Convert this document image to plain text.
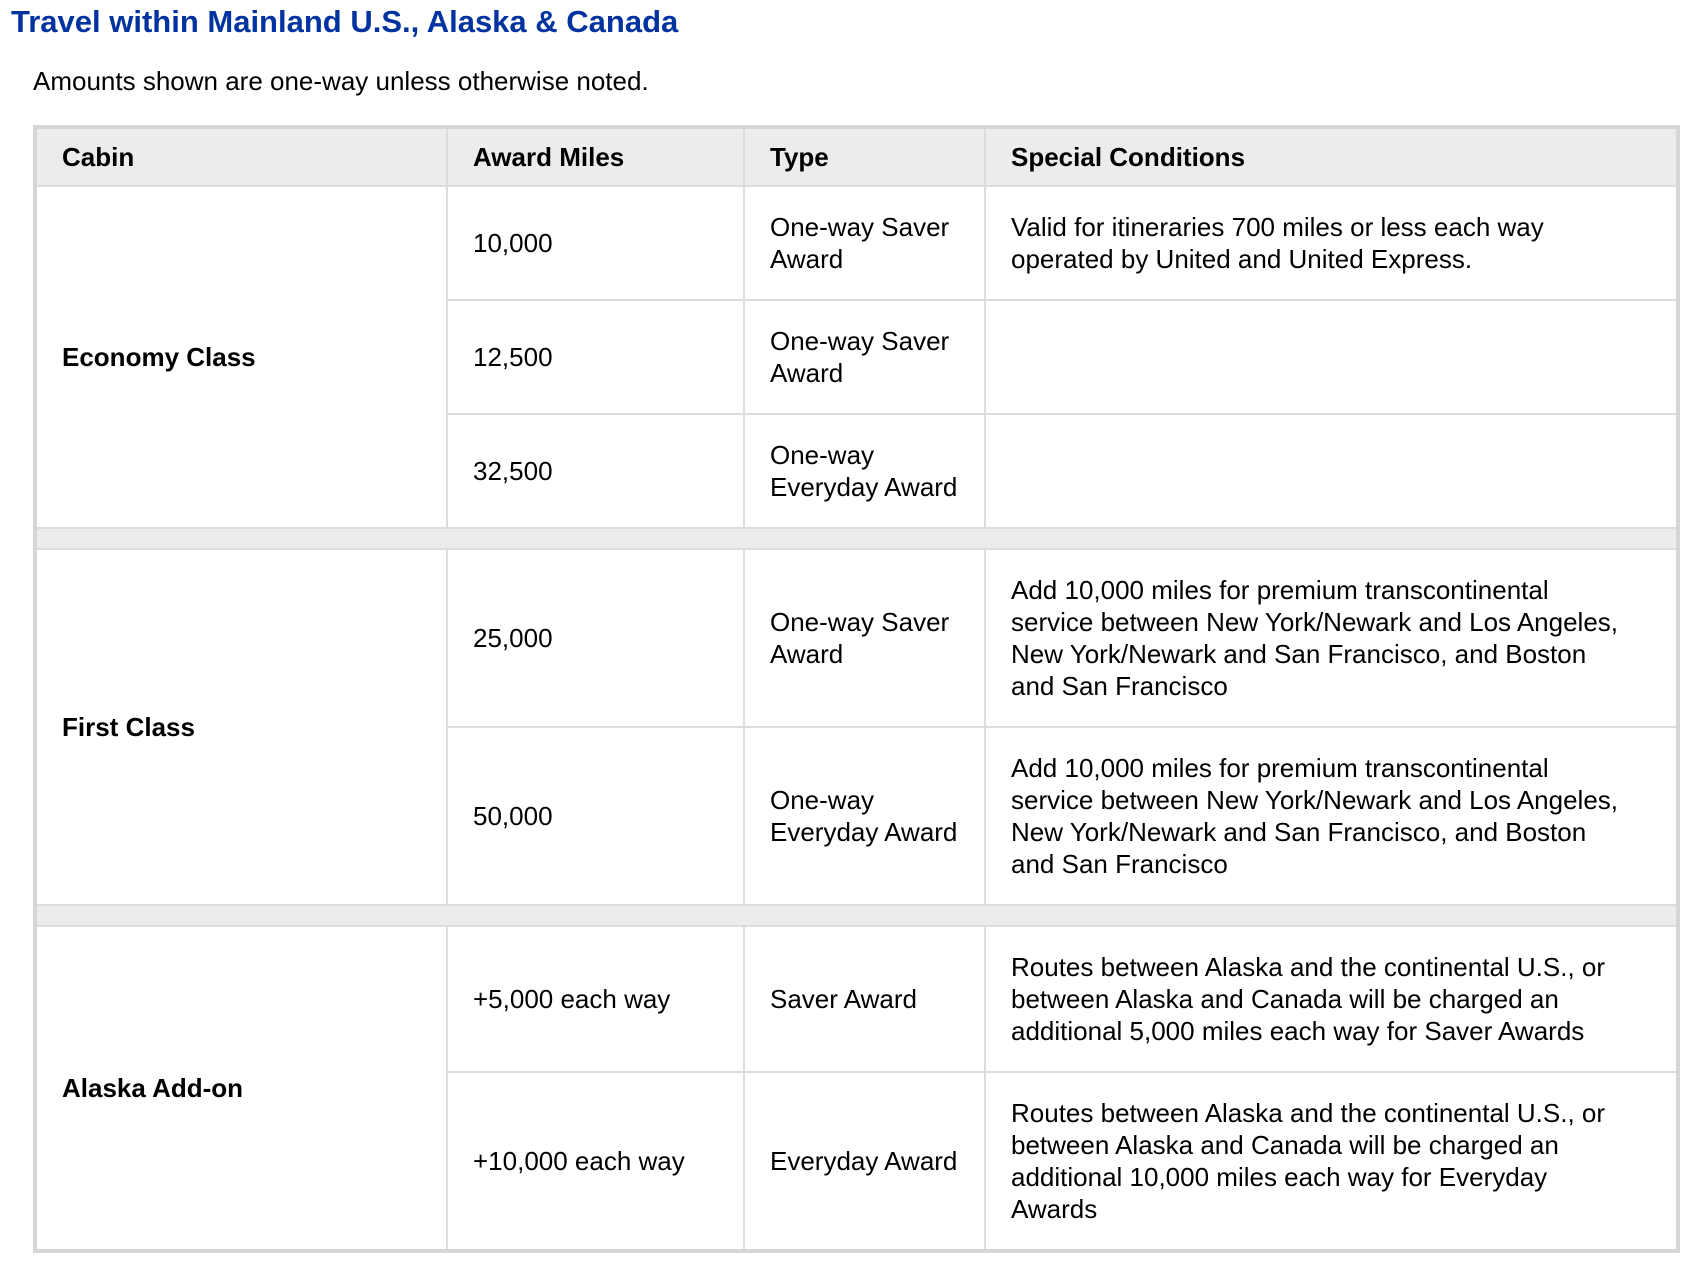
Travel within Mainland U.S., Alaska & Canada

Amounts shown are one-way unless otherwise noted.

Cabin	Award Miles	Type	Special Conditions
Economy Class	10,000	One-way Saver Award	Valid for itineraries 700 miles or less each way operated by United and United Express.
	12,500	One-way Saver Award	
	32,500	One-way Everyday Award	

First Class	25,000	One-way Saver Award	Add 10,000 miles for premium transcontinental service between New York/Newark and Los Angeles, New York/Newark and San Francisco, and Boston and San Francisco
	50,000	One-way Everyday Award	Add 10,000 miles for premium transcontinental service between New York/Newark and Los Angeles, New York/Newark and San Francisco, and Boston and San Francisco

Alaska Add-on	+5,000 each way	Saver Award	Routes between Alaska and the continental U.S., or between Alaska and Canada will be charged an additional 5,000 miles each way for Saver Awards
	+10,000 each way	Everyday Award	Routes between Alaska and the continental U.S., or between Alaska and Canada will be charged an additional 10,000 miles each way for Everyday Awards
